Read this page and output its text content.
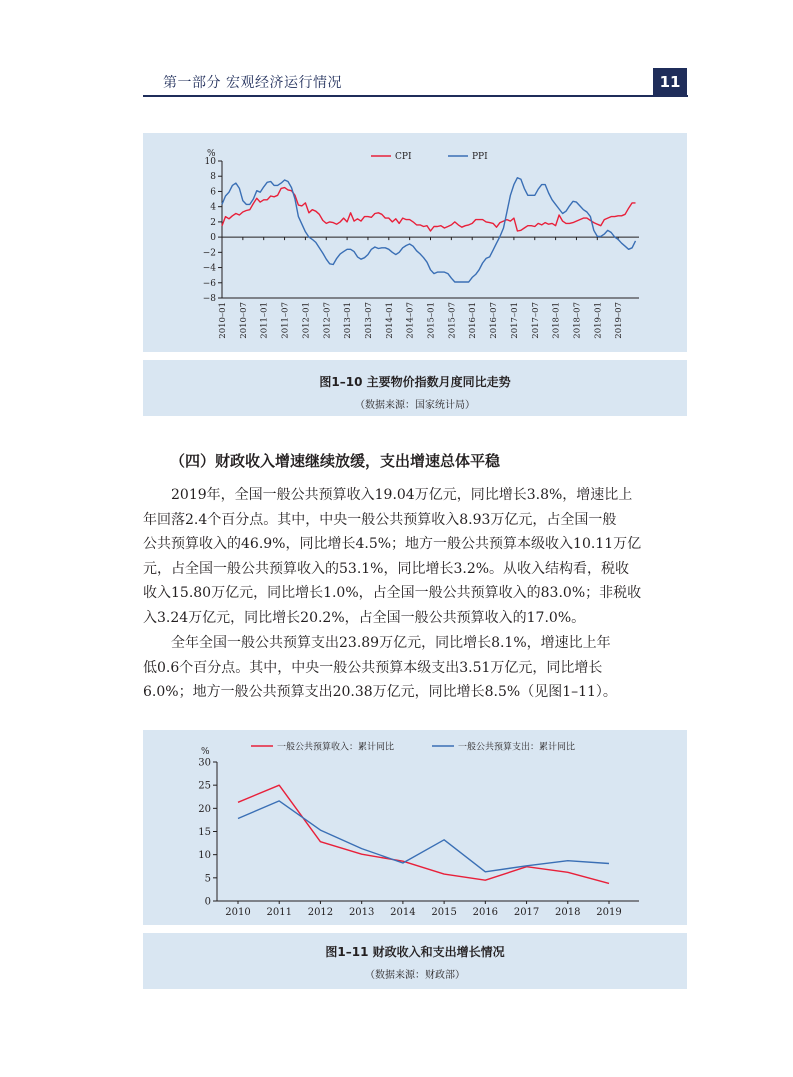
第一部分 宏观经济运行情况	11
%
−8
−6
−4
−2
0
2
4
6
8
10
2010–01 2010–07 2011–01 2011–07 2012–01 2012–07 2013–01 2013–07 2014–01 2014–07 2015–01 2015–07 2016–01 2016–07 2017–01 2017–07 2018–01 2018–07 2019–01 2019–07
CPI	PPI
图1–10 主要物价指数月度同比走势
（数据来源：国家统计局）
（四）财政收入增速继续放缓，支出增速总体平稳
2019年，全国一般公共预算收入19.04万亿元，同比增长3.8%，增速比上
年回落2.4个百分点。其中，中央一般公共预算收入8.93万亿元，占全国一般
公共预算收入的46.9%，同比增长4.5%；地方一般公共预算本级收入10.11万亿
元，占全国一般公共预算收入的53.1%，同比增长3.2%。从收入结构看，税收
收入15.80万亿元，同比增长1.0%，占全国一般公共预算收入的83.0%；非税收
入3.24万亿元，同比增长20.2%，占全国一般公共预算收入的17.0%。
全年全国一般公共预算支出23.89万亿元，同比增长8.1%，增速比上年
低0.6个百分点。其中，中央一般公共预算本级支出3.51万亿元，同比增长
6.0%；地方一般公共预算支出20.38万亿元，同比增长8.5%（见图1–11）。
%
0
5
10
15
20
25
30
2010 2011 2012 2013 2014 2015 2016 2017 2018 2019
一般公共预算收入：累计同比	一般公共预算支出：累计同比
图1–11 财政收入和支出增长情况
（数据来源：财政部）
